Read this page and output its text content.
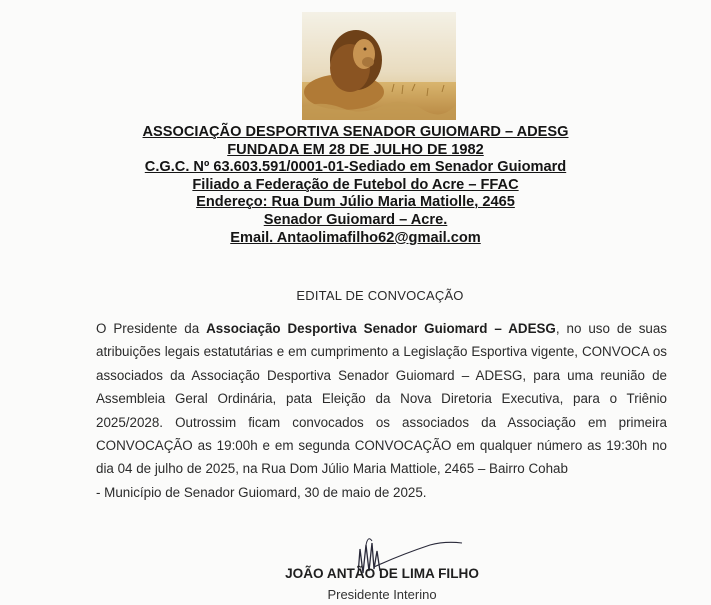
ASSOCIAÇÃO DESPORTIVA SENADOR GUIOMARD – ADESG
FUNDADA EM 28 DE JULHO DE 1982
C.G.C. Nº 63.603.591/0001-01-Sediado em Senador Guiomard
Filiado a Federação de Futebol do Acre – FFAC
Endereço: Rua Dum Júlio Maria Matiolle, 2465
Senador Guiomard – Acre.
Email. Antaolimafilho62@gmail.com
EDITAL DE CONVOCAÇÃO

O Presidente da Associação Desportiva Senador Guiomard – ADESG, no uso de suas atribuições legais estatutárias e em cumprimento a Legislação Esportiva vigente, CONVOCA os associados da Associação Desportiva Senador Guiomard – ADESG, para uma reunião de Assembleia Geral Ordinária, pata Eleição da Nova Diretoria Executiva, para o Triênio 2025/2028. Outrossim ficam convocados os associados da Associação em primeira CONVOCAÇÃO as 19:00h e em segunda CONVOCAÇÃO em qualquer número as 19:30h no dia 04 de julho de 2025, na Rua Dom Júlio Maria Mattiole, 2465 – Bairro Cohab

- Município de Senador Guiomard, 30 de maio de 2025.

JOÃO ANTÃO DE LIMA FILHO
Presidente Interino
